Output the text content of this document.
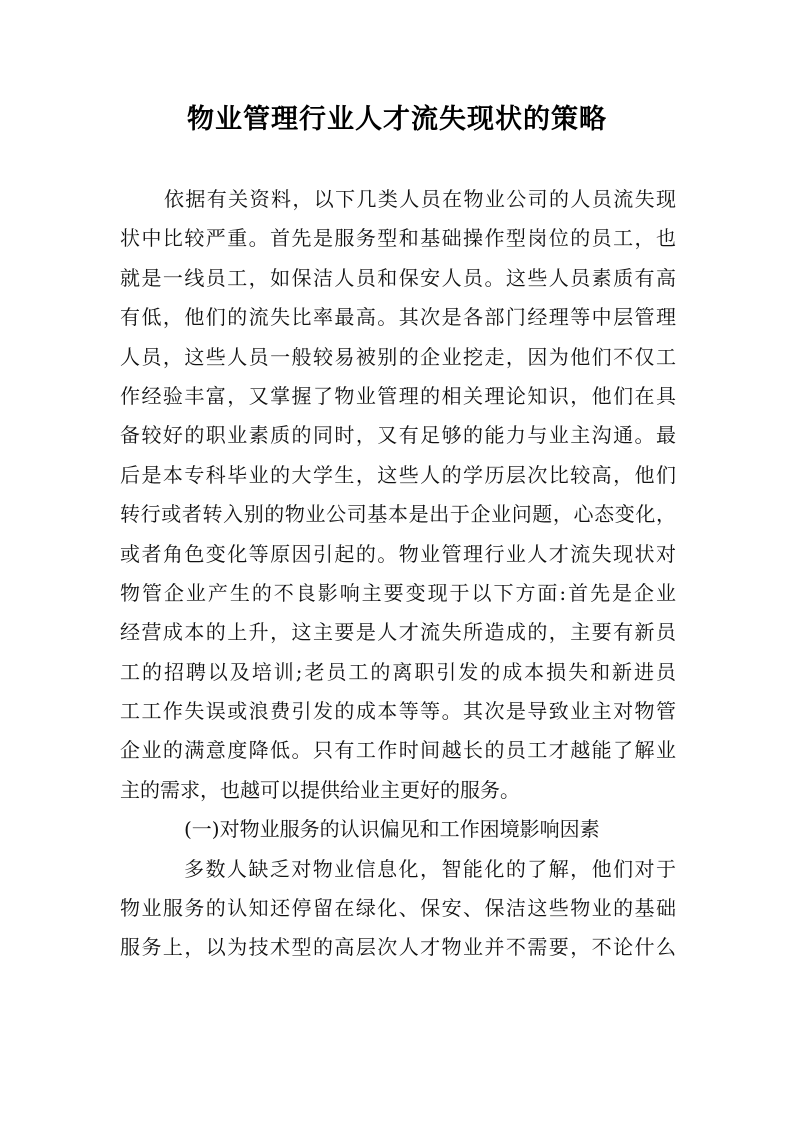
物业管理行业人才流失现状的策略
依据有关资料，以下几类人员在物业公司的人员流失现
状中比较严重。首先是服务型和基础操作型岗位的员工，也
就是一线员工，如保洁人员和保安人员。这些人员素质有高
有低，他们的流失比率最高。其次是各部门经理等中层管理
人员，这些人员一般较易被别的企业挖走，因为他们不仅工
作经验丰富，又掌握了物业管理的相关理论知识，他们在具
备较好的职业素质的同时，又有足够的能力与业主沟通。最
后是本专科毕业的大学生，这些人的学历层次比较高，他们
转行或者转入别的物业公司基本是出于企业问题，心态变化，
或者角色变化等原因引起的。物业管理行业人才流失现状对
物管企业产生的不良影响主要变现于以下方面:首先是企业
经营成本的上升，这主要是人才流失所造成的，主要有新员
工的招聘以及培训;老员工的离职引发的成本损失和新进员
工工作失误或浪费引发的成本等等。其次是导致业主对物管
企业的满意度降低。只有工作时间越长的员工才越能了解业
主的需求，也越可以提供给业主更好的服务。
(一)对物业服务的认识偏见和工作困境影响因素
多数人缺乏对物业信息化，智能化的了解，他们对于
物业服务的认知还停留在绿化、保安、保洁这些物业的基础
服务上，以为技术型的高层次人才物业并不需要，不论什么
